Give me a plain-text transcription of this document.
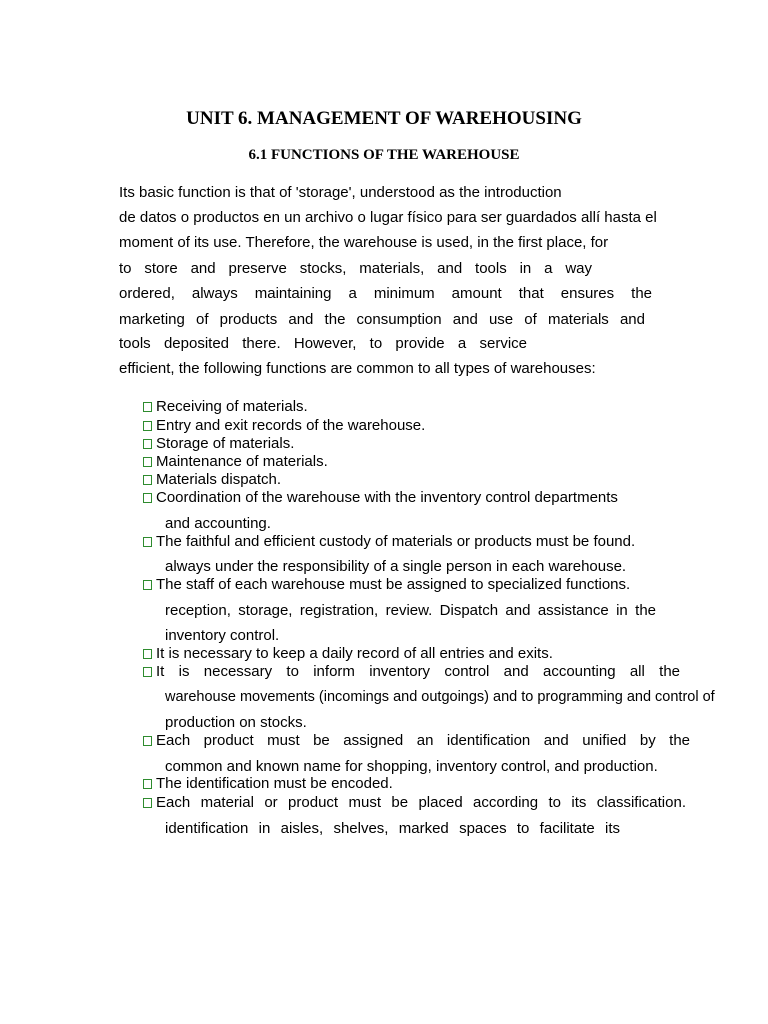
UNIT 6. MANAGEMENT OF WAREHOUSING
6.1 FUNCTIONS OF THE WAREHOUSE
Its basic function is that of 'storage', understood as the introduction
de datos o productos en un archivo o lugar físico para ser guardados allí hasta el
moment of its use. Therefore, the warehouse is used, in the first place, for
to store and preserve stocks, materials, and tools in a way
ordered, always maintaining a minimum amount that ensures the
marketing of products and the consumption and use of materials and
tools deposited there. However, to provide a service
efficient, the following functions are common to all types of warehouses:
Receiving of materials.
Entry and exit records of the warehouse.
Storage of materials.
Maintenance of materials.
Materials dispatch.
Coordination of the warehouse with the inventory control departments
and accounting.
The faithful and efficient custody of materials or products must be found.
always under the responsibility of a single person in each warehouse.
The staff of each warehouse must be assigned to specialized functions.
reception, storage, registration, review. Dispatch and assistance in the
inventory control.
It is necessary to keep a daily record of all entries and exits.
It is necessary to inform inventory control and accounting all the
warehouse movements (incomings and outgoings) and to programming and control of
production on stocks.
Each product must be assigned an identification and unified by the
common and known name for shopping, inventory control, and production.
The identification must be encoded.
Each material or product must be placed according to its classification.
identification in aisles, shelves, marked spaces to facilitate its
